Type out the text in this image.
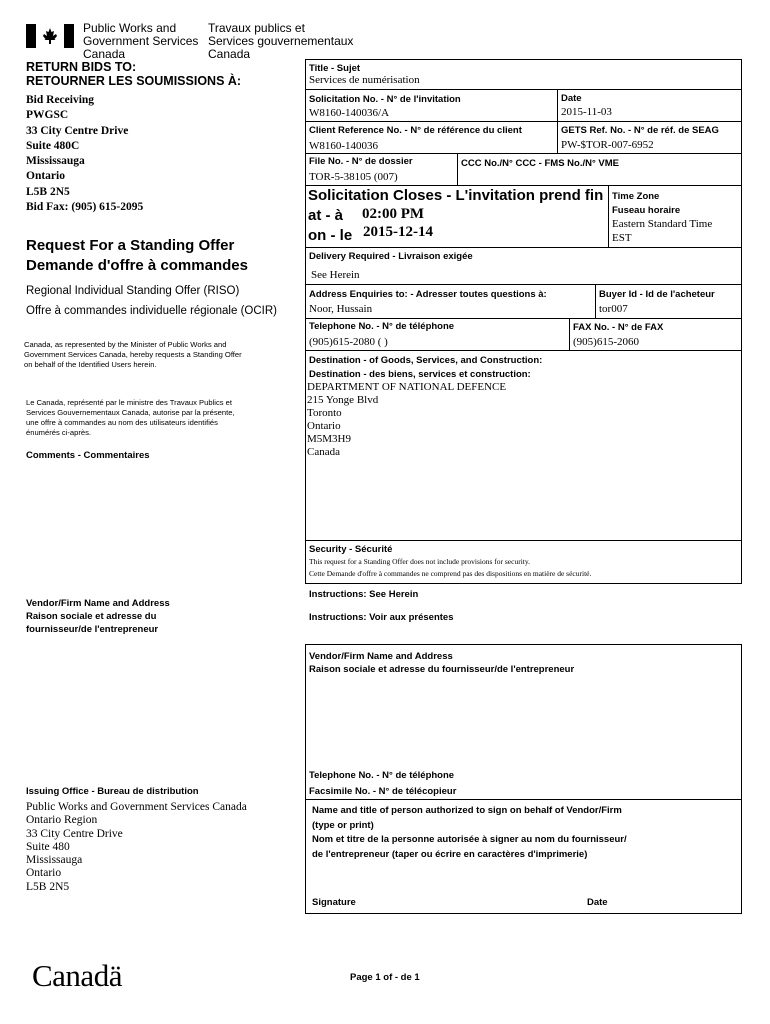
Public Works and
Government Services
Canada
Travaux publics et
Services gouvernementaux
Canada
RETURN BIDS TO:
RETOURNER LES SOUMISSIONS À:
Bid Receiving
PWGSC
33 City Centre Drive
Suite 480C
Mississauga
Ontario
L5B 2N5
Bid Fax: (905) 615-2095
Request For a Standing Offer
Demande d'offre à commandes
Regional Individual Standing Offer (RISO)
Offre à commandes individuelle régionale (OCIR)
Canada, as represented by the Minister of Public Works and
Government Services Canada, hereby requests a Standing Offer
on behalf of the Identified Users herein.
Le Canada, représenté par le ministre des Travaux Publics et
Services Gouvernementaux Canada, autorise par la présente,
une offre à commandes au nom des utilisateurs identifiés
énumérés ci-après.
Comments - Commentaires
Vendor/Firm Name and Address
Raison sociale et adresse du
fournisseur/de l'entrepreneur
Issuing Office - Bureau de distribution
Public Works and Government Services Canada
Ontario Region
33 City Centre Drive
Suite 480
Mississauga
Ontario
L5B 2N5
Title - Sujet
Services de numérisation
Solicitation No. - N° de l'invitation
W8160-140036/A
Date
2015-11-03
Client Reference No. - N° de référence du client
W8160-140036
GETS Ref. No. - N° de réf. de SEAG
PW-$TOR-007-6952
File No. - N° de dossier
TOR-5-38105 (007)
CCC No./N° CCC - FMS No./N° VME
Solicitation Closes - L'invitation prend fin
at - à 02:00 PM
on - le 2015-12-14
Time Zone
Fuseau horaire
Eastern Standard Time
EST
Delivery Required - Livraison exigée
See Herein
Address Enquiries to: - Adresser toutes questions à:
Noor, Hussain
Buyer Id - Id de l'acheteur
tor007
Telephone No. - N° de téléphone
(905)615-2080 ( )
FAX No. - N° de FAX
(905)615-2060
Destination - of Goods, Services, and Construction:
Destination - des biens, services et construction:
DEPARTMENT OF NATIONAL DEFENCE
215 Yonge Blvd
Toronto
Ontario
M5M3H9
Canada
Security - Sécurité
This request for a Standing Offer does not include provisions for security.
Cette Demande d'offre à commandes ne comprend pas des dispositions en matière de sécurité.
Instructions: See Herein
Instructions: Voir aux présentes
Vendor/Firm Name and Address
Raison sociale et adresse du fournisseur/de l'entrepreneur
Telephone No. - N° de téléphone
Facsimile No. - N° de télécopieur
Name and title of person authorized to sign on behalf of Vendor/Firm
(type or print)
Nom et titre de la personne autorisée à signer au nom du fournisseur/
de l'entrepreneur (taper ou écrire en caractères d'imprimerie)
Signature	Date
Canadä	Page 1 of - de 1
